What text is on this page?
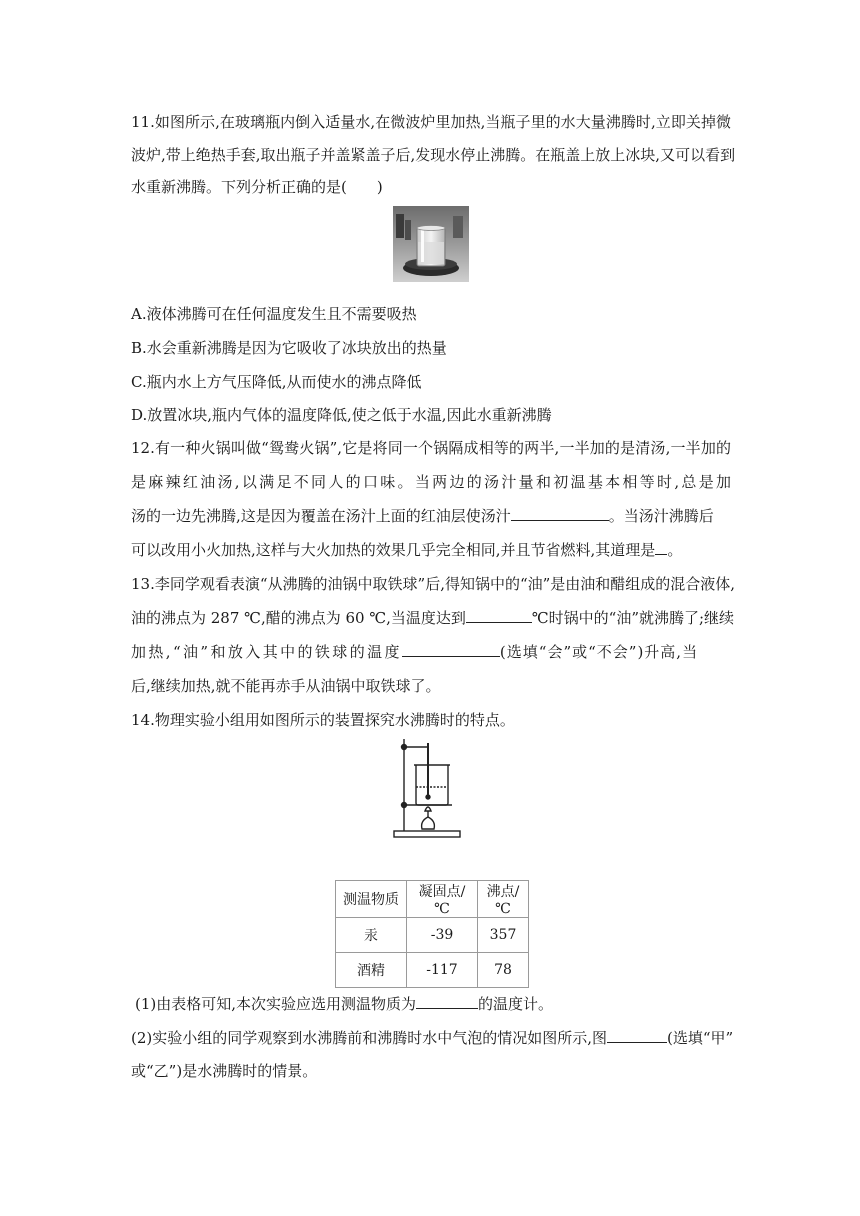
11.如图所示,在玻璃瓶内倒入适量水,在微波炉里加热,当瓶子里的水大量沸腾时,立即关掉微
波炉,带上绝热手套,取出瓶子并盖紧盖子后,发现水停止沸腾。在瓶盖上放上冰块,又可以看到
水重新沸腾。下列分析正确的是(　　)
A.液体沸腾可在任何温度发生且不需要吸热
B.水会重新沸腾是因为它吸收了冰块放出的热量
C.瓶内水上方气压降低,从而使水的沸点降低
D.放置冰块,瓶内气体的温度降低,使之低于水温,因此水重新沸腾
12.有一种火锅叫做“鸳鸯火锅”,它是将同一个锅隔成相等的两半,一半加的是清汤,一半加的
是麻辣红油汤,以满足不同人的口味。当两边的汤汁量和初温基本相等时,总是加
汤的一边先沸腾,这是因为覆盖在汤汁上面的红油层使汤汁	。当汤汁沸腾后
可以改用小火加热,这样与大火加热的效果几乎完全相同,并且节省燃料,其道理是 。
13.李同学观看表演“从沸腾的油锅中取铁球”后,得知锅中的“油”是由油和醋组成的混合液体,
油的沸点为 287 ℃,醋的沸点为 60 ℃,当温度达到	℃时锅中的“油”就沸腾了;继续
加热,“油”和放入其中的铁球的温度	(选填“会”或“不会”)升高,当
后,继续加热,就不能再赤手从油锅中取铁球了。
14.物理实验小组用如图所示的装置探究水沸腾时的特点。
测温物质	凝固点/℃	沸点/℃
汞	-39	357
酒精	-117	78
(1)由表格可知,本次实验应选用测温物质为	的温度计。
(2)实验小组的同学观察到水沸腾前和沸腾时水中气泡的情况如图所示,图	(选填“甲”
或“乙”)是水沸腾时的情景。
